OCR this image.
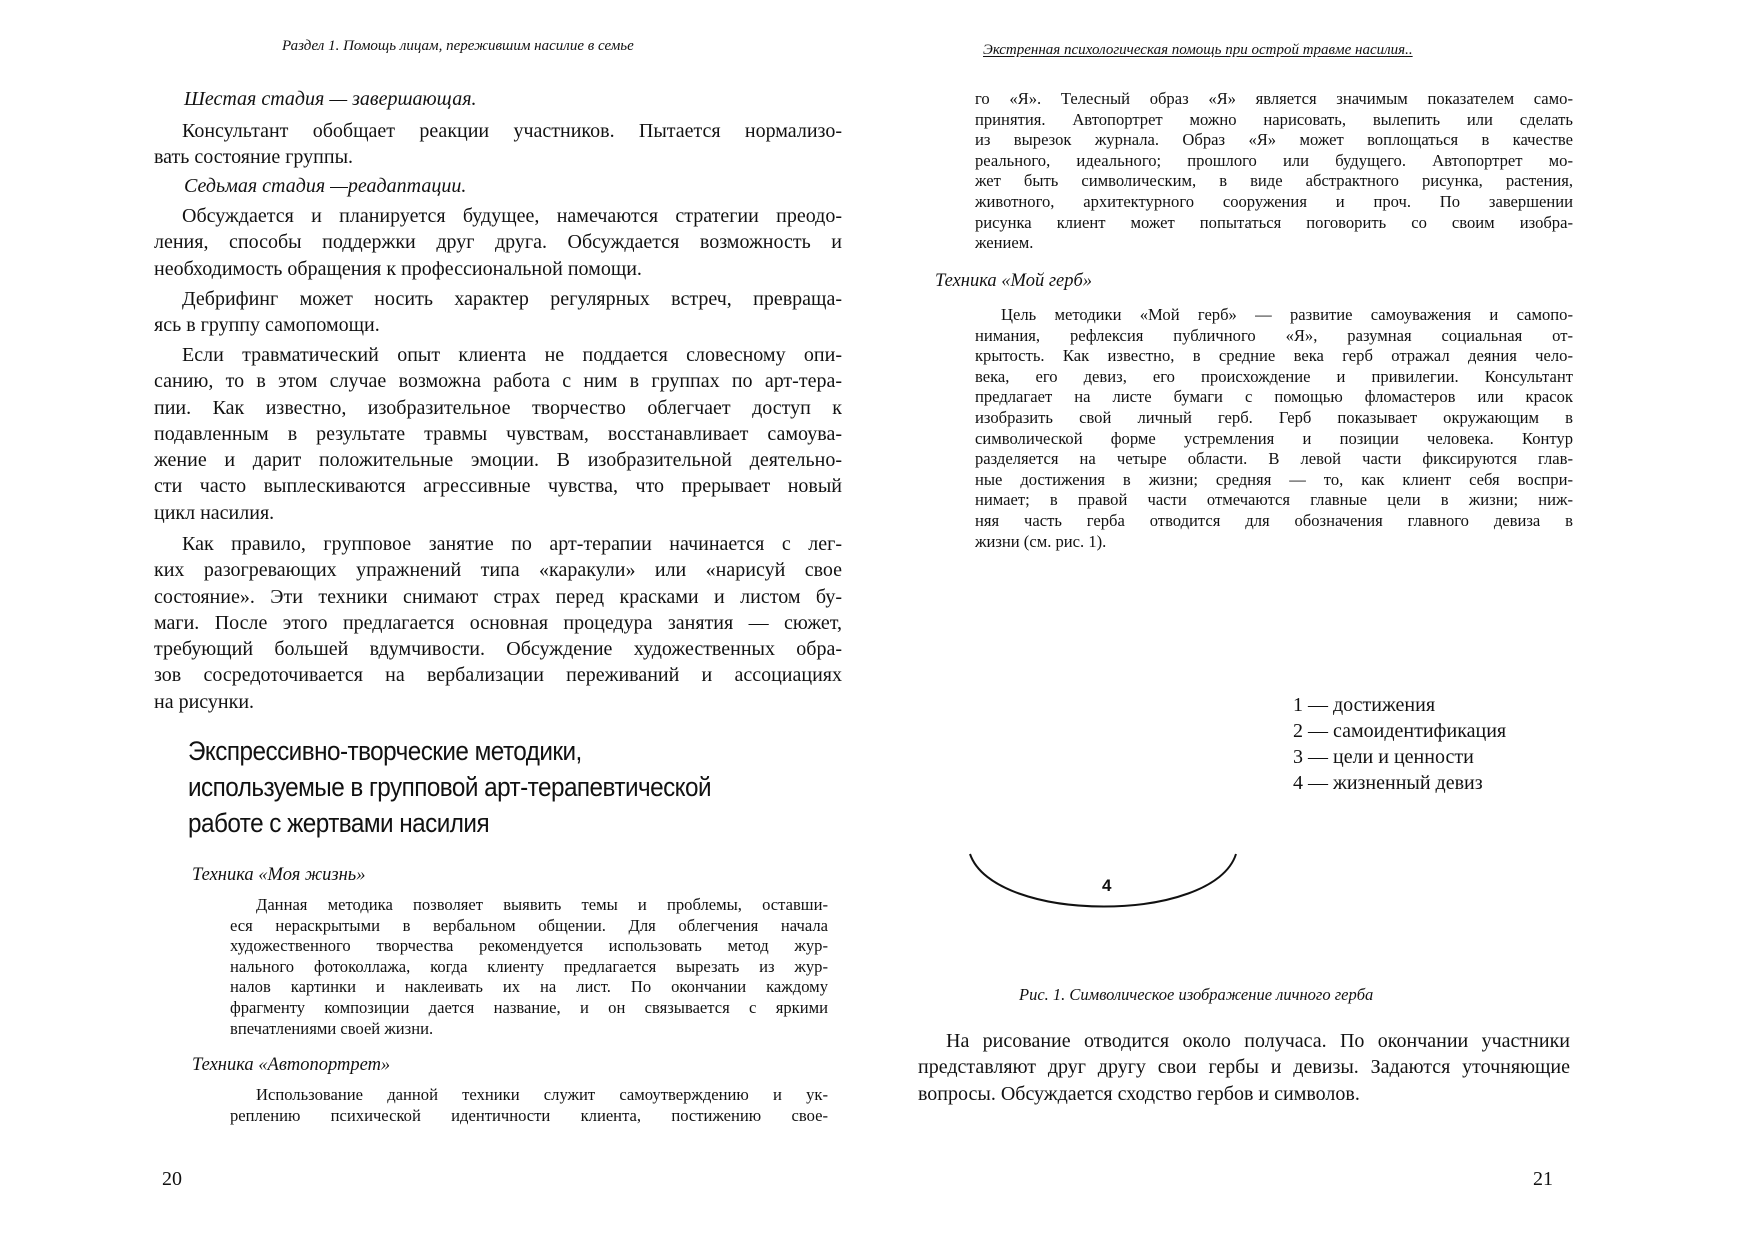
Раздел 1. Помощь лицам, пережившим насилие в семье
Шестая стадия — завершающая.
Консультант обобщает реакции участников. Пытается нормализо-
вать состояние группы.
Седьмая стадия —реадаптации.
Обсуждается и планируется будущее, намечаются стратегии преодо-
ления, способы поддержки друг друга. Обсуждается возможность и
необходимость обращения к профессиональной помощи.
Дебрифинг может носить характер регулярных встреч, превраща-
ясь в группу самопомощи.
Если травматический опыт клиента не поддается словесному опи-
санию, то в этом случае возможна работа с ним в группах по арт-тера-
пии. Как известно, изобразительное творчество облегчает доступ к
подавленным в результате травмы чувствам, восстанавливает самоува-
жение и дарит положительные эмоции. В изобразительной деятельно-
сти часто выплескиваются агрессивные чувства, что прерывает новый
цикл насилия.
Как правило, групповое занятие по арт-терапии начинается с лег-
ких разогревающих упражнений типа «каракули» или «нарисуй свое
состояние». Эти техники снимают страх перед красками и листом бу-
маги. После этого предлагается основная процедура занятия — сюжет,
требующий большей вдумчивости. Обсуждение художественных обра-
зов сосредоточивается на вербализации переживаний и ассоциациях
на рисунки.
Экспрессивно-творческие методики,
используемые в групповой арт-терапевтической
работе с жертвами насилия
Техника «Моя жизнь»
Данная методика позволяет выявить темы и проблемы, оставши-
еся нераскрытыми в вербальном общении. Для облегчения начала
художественного творчества рекомендуется использовать метод жур-
нального фотоколлажа, когда клиенту предлагается вырезать из жур-
налов картинки и наклеивать их на лист. По окончании каждому
фрагменту композиции дается название, и он связывается с яркими
впечатлениями своей жизни.
Техника «Автопортрет»
Использование данной техники служит самоутверждению и ук-
реплению психической идентичности клиента, постижению свое-
20
Экстренная психологическая помощь при острой травме насилия..
го «Я». Телесный образ «Я» является значимым показателем само-
принятия. Автопортрет можно нарисовать, вылепить или сделать
из вырезок журнала. Образ «Я» может воплощаться в качестве
реального, идеального; прошлого или будущего. Автопортрет мо-
жет быть символическим, в виде абстрактного рисунка, растения,
животного, архитектурного сооружения и проч. По завершении
рисунка клиент может попытаться поговорить со своим изобра-
жением.
Техника «Мой герб»
Цель методики «Мой герб» — развитие самоуважения и самопо-
нимания, рефлексия публичного «Я», разумная социальная от-
крытость. Как известно, в средние века герб отражал деяния чело-
века, его девиз, его происхождение и привилегии. Консультант
предлагает на листе бумаги с помощью фломастеров или красок
изобразить свой личный герб. Герб показывает окружающим в
символической форме устремления и позиции человека. Контур
разделяется на четыре области. В левой части фиксируются глав-
ные достижения в жизни; средняя — то, как клиент себя воспри-
нимает; в правой части отмечаются главные цели в жизни; ниж-
няя часть герба отводится для обозначения главного девиза в
жизни (см. рис. 1).
1 — достижения
2 — самоидентификация
3 — цели и ценности
4 — жизненный девиз
4
Рис. 1. Символическое изображение личного герба
На рисование отводится около получаса. По окончании участники
представляют друг другу свои гербы и девизы. Задаются уточняющие
вопросы. Обсуждается сходство гербов и символов.
21
